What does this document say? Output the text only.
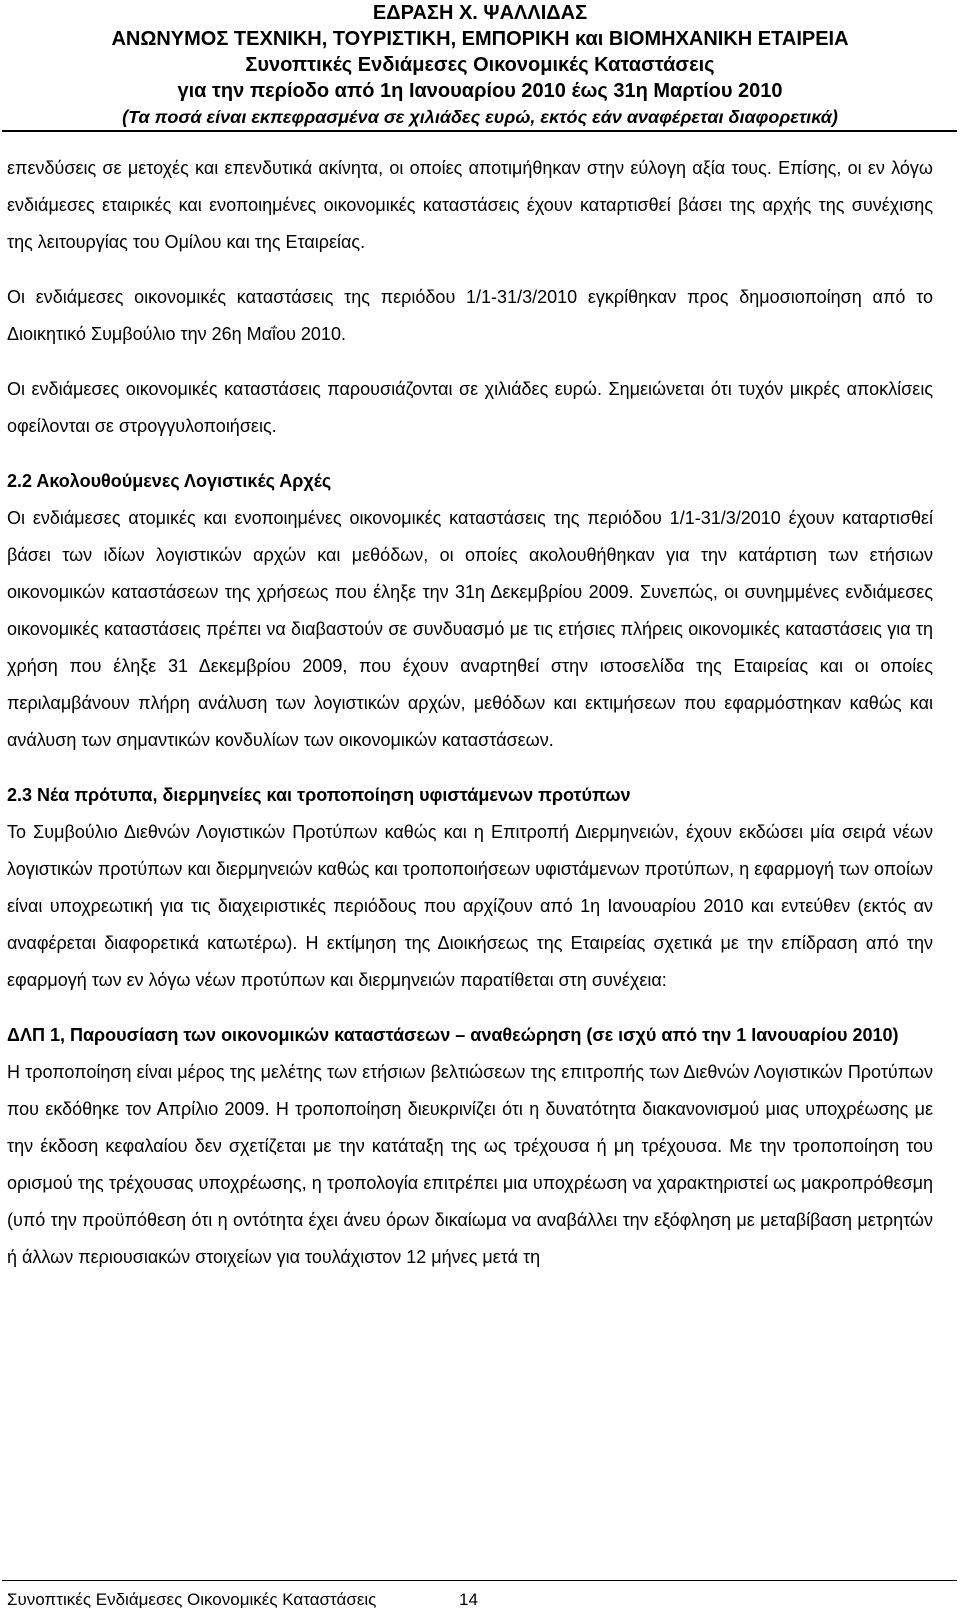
ΕΔΡΑΣΗ Χ. ΨΑΛΛΙΔΑΣ
ΑΝΩΝΥΜΟΣ ΤΕΧΝΙΚΗ, ΤΟΥΡΙΣΤΙΚΗ, ΕΜΠΟΡΙΚΗ και ΒΙΟΜΗΧΑΝΙΚΗ ΕΤΑΙΡΕΙΑ
Συνοπτικές Ενδιάμεσες Οικονομικές Καταστάσεις
για την περίοδο από 1η Ιανουαρίου 2010 έως 31η Μαρτίου 2010
(Τα ποσά είναι εκπεφρασμένα σε χιλιάδες ευρώ, εκτός εάν αναφέρεται διαφορετικά)

επενδύσεις σε μετοχές και επενδυτικά ακίνητα, οι οποίες αποτιμήθηκαν στην εύλογη αξία τους. Επίσης, οι εν λόγω ενδιάμεσες εταιρικές και ενοποιημένες οικονομικές καταστάσεις έχουν καταρτισθεί βάσει της αρχής της συνέχισης της λειτουργίας του Ομίλου και της Εταιρείας.

Οι ενδιάμεσες οικονομικές καταστάσεις της περιόδου 1/1-31/3/2010 εγκρίθηκαν προς δημοσιοποίηση από το Διοικητικό Συμβούλιο την 26η Μαΐου 2010.

Οι ενδιάμεσες οικονομικές καταστάσεις παρουσιάζονται σε χιλιάδες ευρώ. Σημειώνεται ότι τυχόν μικρές αποκλίσεις οφείλονται σε στρογγυλοποιήσεις.

2.2 Ακολουθούμενες Λογιστικές Αρχές

Οι ενδιάμεσες ατομικές και ενοποιημένες οικονομικές καταστάσεις της περιόδου 1/1-31/3/2010 έχουν καταρτισθεί βάσει των ιδίων λογιστικών αρχών και μεθόδων, οι οποίες ακολουθήθηκαν για την κατάρτιση των ετήσιων οικονομικών καταστάσεων της χρήσεως που έληξε την 31η Δεκεμβρίου 2009. Συνεπώς, οι συνημμένες ενδιάμεσες οικονομικές καταστάσεις πρέπει να διαβαστούν σε συνδυασμό με τις ετήσιες πλήρεις οικονομικές καταστάσεις για τη χρήση που έληξε 31 Δεκεμβρίου 2009, που έχουν αναρτηθεί στην ιστοσελίδα της Εταιρείας και οι οποίες περιλαμβάνουν πλήρη ανάλυση των λογιστικών αρχών, μεθόδων και εκτιμήσεων που εφαρμόστηκαν καθώς και ανάλυση των σημαντικών κονδυλίων των οικονομικών καταστάσεων.

2.3 Νέα πρότυπα, διερμηνείες και τροποποίηση υφιστάμενων προτύπων

Το Συμβούλιο Διεθνών Λογιστικών Προτύπων καθώς και η Επιτροπή Διερμηνειών, έχουν εκδώσει μία σειρά νέων λογιστικών προτύπων και διερμηνειών καθώς και τροποποιήσεων υφιστάμενων προτύπων, η εφαρμογή των οποίων είναι υποχρεωτική για τις διαχειριστικές περιόδους που αρχίζουν από 1η Ιανουαρίου 2010 και εντεύθεν (εκτός αν αναφέρεται διαφορετικά κατωτέρω). Η εκτίμηση της Διοικήσεως της Εταιρείας σχετικά με την επίδραση από την εφαρμογή των εν λόγω νέων προτύπων και διερμηνειών παρατίθεται στη συνέχεια:

ΔΛΠ 1, Παρουσίαση των οικονομικών καταστάσεων – αναθεώρηση (σε ισχύ από την 1 Ιανουαρίου 2010)

Η τροποποίηση είναι μέρος της μελέτης των ετήσιων βελτιώσεων της επιτροπής των Διεθνών Λογιστικών Προτύπων που εκδόθηκε τον Απρίλιο 2009. Η τροποποίηση διευκρινίζει ότι η δυνατότητα διακανονισμού μιας υποχρέωσης με την έκδοση κεφαλαίου δεν σχετίζεται με την κατάταξη της ως τρέχουσα ή μη τρέχουσα. Με την τροποποίηση του ορισμού της τρέχουσας υποχρέωσης, η τροπολογία επιτρέπει μια υποχρέωση να χαρακτηριστεί ως μακροπρόθεσμη (υπό την προϋπόθεση ότι η οντότητα έχει άνευ όρων δικαίωμα να αναβάλλει την εξόφληση με μεταβίβαση μετρητών ή άλλων περιουσιακών στοιχείων για τουλάχιστον 12 μήνες μετά τη

Συνοπτικές Ενδιάμεσες Οικονομικές Καταστάσεις	14
